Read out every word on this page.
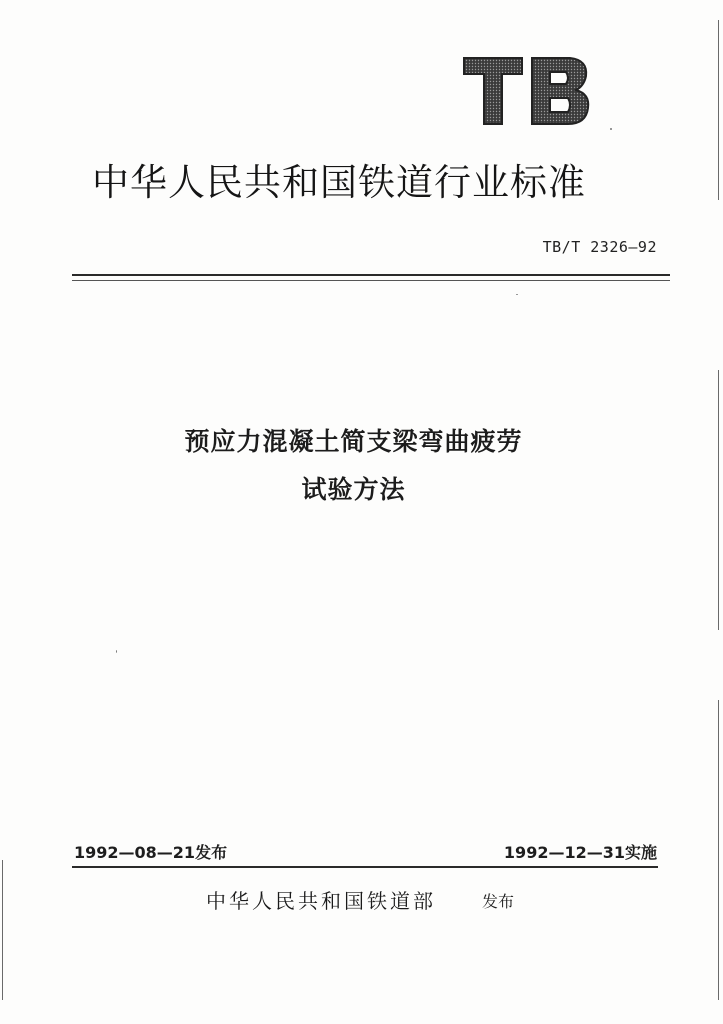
中华人民共和国铁道行业标准
TB/T 2326—92
预应力混凝土简支梁弯曲疲劳
试验方法
1992—08—21发布	1992—12—31实施
中华人民共和国铁道部	发布
